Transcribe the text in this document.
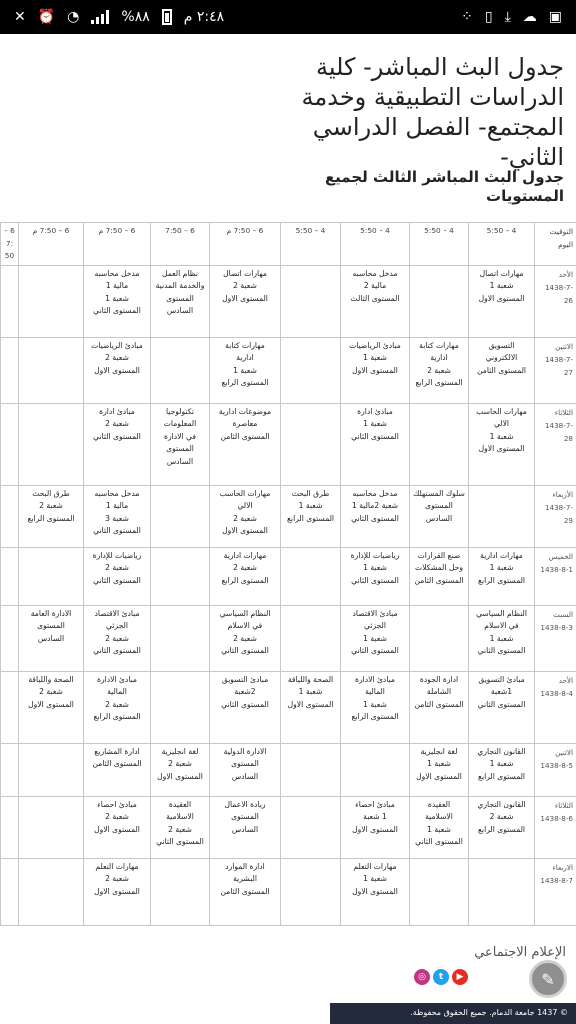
✕ ⏰ ◔	%٨٨ ٢:٤٨ م	⁘ ▯ ⤓ ☁ ▣
جدول البث المباشر- كلية الدراسات التطبيقية وخدمة المجتمع- الفصل الدراسي الثاني-
جدول البث المباشر الثالث لجميع المستويات
التوقيت
اليوم	4 – 5:50	4 – 5:50	4 – 5:50	4 – 5:50	6 – 7:50 م	6 – 7:50	6 – 7:50 م	6 – 7:50 م	6 – 7:50

الأحد
1438-7-26	مهارات اتصال
شعبة 1
المستوى الاول		مدخل محاسبه
مالية 2
المستوى الثالث		مهارات اتصال
شعبة 2
المستوى الاول	نظام العمل
والخدمة المدنية
المستوى
السادس	مدخل محاسبه
مالية 1
شعبة 1
المستوى الثاني		

الاثنين
1438-7-27	التسويق
الالكتروني
المستوى الثامن	مهارات كتابة
ادارية
شعبة 2
المستوى الرابع	مبادئ الرياضيات
شعبة 1
المستوى الاول		مهارات كتابة
ادارية
شعبة 1
المستوى الرابع		مبادئ الرياضيات
شعبة 2
المستوى الاول		

الثلاثاء
1438-7-28	مهارات الحاسب
الالي
شعبة 1
المستوى الاول		مبادئ ادارة
شعبة 1
المستوى الثاني		موضوعات ادارية
معاصرة
المستوى الثامن	تكنولوجيا
المعلومات
في الادارة
المستوى
السادس	مبادئ ادارة
شعبة 2
المستوى الثاني		

الأربعاء
1438-7-29		سلوك المستهلك
المستوى
السادس	مدخل محاسبه
شعبة 2مالية 1
المستوى الثاني	طرق البحث
شعبة 1
المستوى الرابع	مهارات الحاسب
الالي
شعبة 2
المستوى الاول		مدخل محاسبه
مالية 1
شعبة 3
المستوى الثاني	طرق البحث
شعبة 2
المستوى الرابع	

الخميس
1438-8-1	مهارات ادارية
شعبة 1
المستوى الرابع	صنع القرارات
وحل المشكلات
المستوى الثامن	رياضيات للإدارة
شعبة 1
المستوى الثاني		مهارات ادارية
شعبة 2
المستوى الرابع		رياضيات للإدارة
شعبة 2
المستوى الثاني		

السبت
1438-8-3	النظام السياسي
في الاسلام
شعبة 1
المستوى الثاني		مبادئ الاقتصاد
الجزئي
شعبة 1
المستوى الثاني		النظام السياسي
في الاسلام
شعبة 2
المستوى الثاني		مبادئ الاقتصاد
الجزئي
شعبة 2
المستوى الثاني	الادارة العامة
المستوى
السادس	

الأحد
1438-8-4	مبادئ التسويق
1شعبة
المستوى الثاني	ادارة الجودة
الشاملة
المستوى الثامن	مبادئ الادارة
المالية
شعبة 1
المستوى الرابع	الصحة واللياقة
شعبة 1
المستوى الاول	مبادئ التسويق
2شعبة
المستوى الثاني		مبادئ الادارة
المالية
شعبة 2
المستوى الرابع	الصحة واللياقة
شعبة 2
المستوى الاول	

الاثنين
1438-8-5	القانون التجاري
شعبة 1
المستوى الرابع	لغة انجليزية
شعبة 1
المستوى الاول			الادارة الدولية
المستوى
السادس	لغة انجليزية
شعبة 2
المستوى الاول	ادارة المشاريع
المستوى الثامن		

الثلاثاء
1438-8-6	القانون التجاري
شعبة 2
المستوى الرابع	العقيدة
الاسلامية
شعبة 1
المستوى الثاني	مبادئ احصاء
1 شعبة
المستوى الاول		ريادة الاعمال
المستوى
السادس	العقيدة
الاسلامية
شعبة 2
المستوى الثاني	مبادئ احصاء
شعبة 2
المستوى الاول		

الاربعاء
1438-8-7			مهارات التعلم
شعبة 1
المستوى الاول		ادارة الموارد
البشرية
المستوى الثامن		مهارات التعلم
شعبة 2
المستوى الاول		

الإعلام الاجتماعي
◎	t	▶
© 1437 جامعة الدمام. جميع الحقوق محفوظة.
✎
